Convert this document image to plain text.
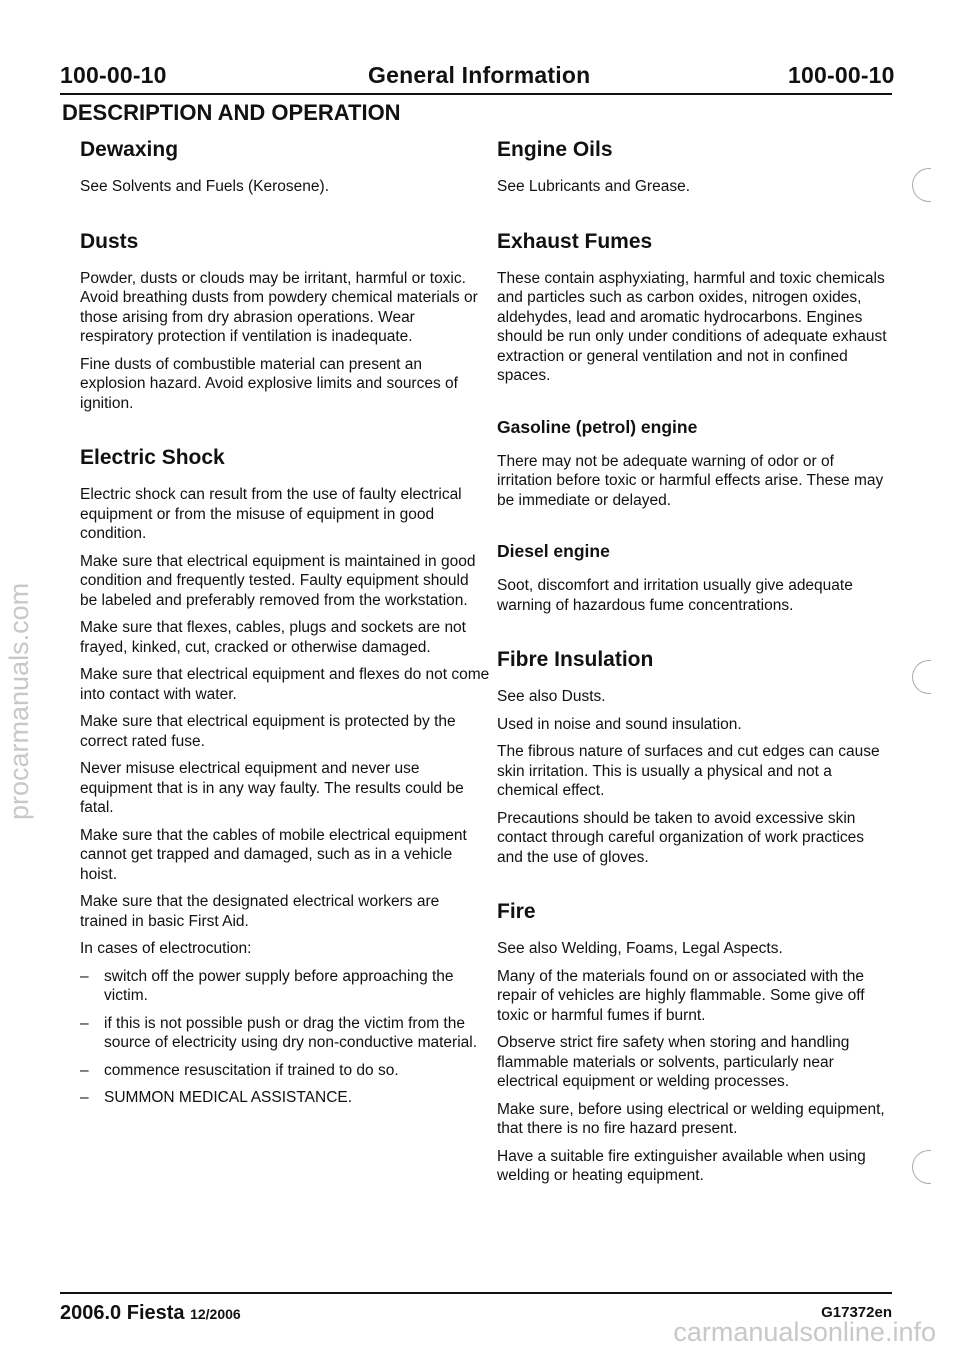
100-00-10	General Information	100-00-10
DESCRIPTION AND OPERATION
Dewaxing

See Solvents and Fuels (Kerosene).

Dusts

Powder, dusts or clouds may be irritant, harmful or toxic. Avoid breathing dusts from powdery chemical materials or those arising from dry abrasion operations. Wear respiratory protection if ventilation is inadequate.

Fine dusts of combustible material can present an explosion hazard. Avoid explosive limits and sources of ignition.

Electric Shock

Electric shock can result from the use of faulty electrical equipment or from the misuse of equipment in good condition.

Make sure that electrical equipment is maintained in good condition and frequently tested. Faulty equipment should be labeled and preferably removed from the workstation.

Make sure that flexes, cables, plugs and sockets are not frayed, kinked, cut, cracked or otherwise damaged.

Make sure that electrical equipment and flexes do not come into contact with water.

Make sure that electrical equipment is protected by the correct rated fuse.

Never misuse electrical equipment and never use equipment that is in any way faulty. The results could be fatal.

Make sure that the cables of mobile electrical equipment cannot get trapped and damaged, such as in a vehicle hoist.

Make sure that the designated electrical workers are trained in basic First Aid.

In cases of electrocution:

– switch off the power supply before approaching the victim.
– if this is not possible push or drag the victim from the source of electricity using dry non-conductive material.
– commence resuscitation if trained to do so.
– SUMMON MEDICAL ASSISTANCE.
Engine Oils

See Lubricants and Grease.

Exhaust Fumes

These contain asphyxiating, harmful and toxic chemicals and particles such as carbon oxides, nitrogen oxides, aldehydes, lead and aromatic hydrocarbons. Engines should be run only under conditions of adequate exhaust extraction or general ventilation and not in confined spaces.

Gasoline (petrol) engine

There may not be adequate warning of odor or of irritation before toxic or harmful effects arise. These may be immediate or delayed.

Diesel engine

Soot, discomfort and irritation usually give adequate warning of hazardous fume concentrations.

Fibre Insulation

See also Dusts.

Used in noise and sound insulation.

The fibrous nature of surfaces and cut edges can cause skin irritation. This is usually a physical and not a chemical effect.

Precautions should be taken to avoid excessive skin contact through careful organization of work practices and the use of gloves.

Fire

See also Welding, Foams, Legal Aspects.

Many of the materials found on or associated with the repair of vehicles are highly flammable. Some give off toxic or harmful fumes if burnt.

Observe strict fire safety when storing and handling flammable materials or solvents, particularly near electrical equipment or welding processes.

Make sure, before using electrical or welding equipment, that there is no fire hazard present.

Have a suitable fire extinguisher available when using welding or heating equipment.

2006.0 Fiesta 12/2006	G17372en
procarmanuals.com
carmanualsonline.info
